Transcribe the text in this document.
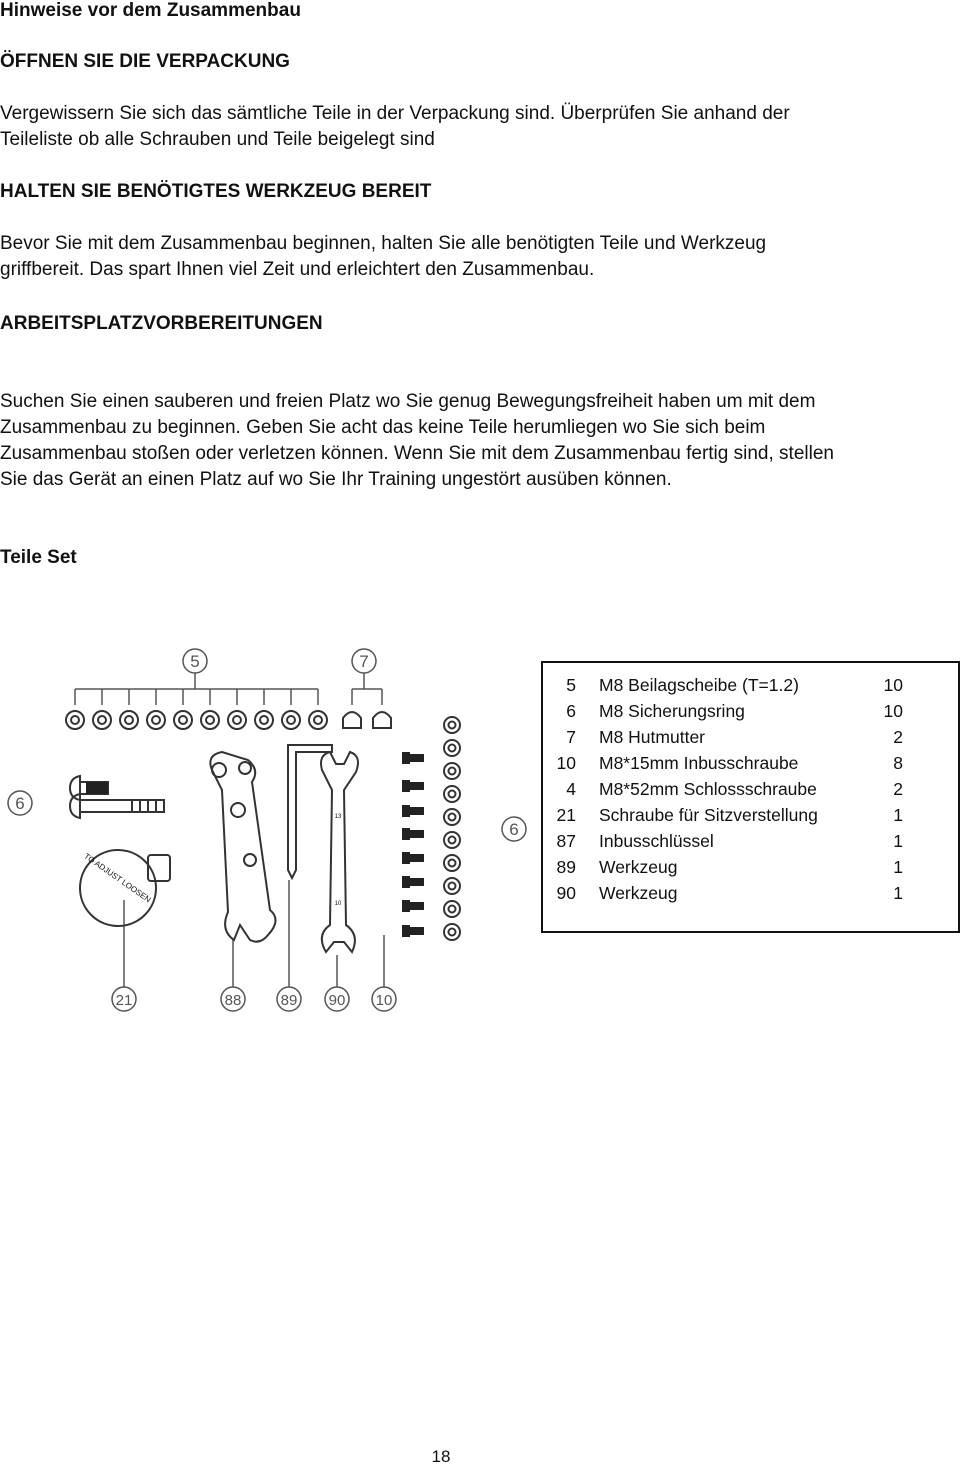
Hinweise vor dem Zusammenbau
ÖFFNEN SIE DIE VERPACKUNG
Vergewissern Sie sich das sämtliche Teile in der Verpackung sind. Überprüfen Sie anhand der
Teileliste ob alle Schrauben und Teile beigelegt sind
HALTEN SIE BENÖTIGTES WERKZEUG BEREIT
Bevor Sie mit dem Zusammenbau beginnen, halten Sie alle benötigten Teile und Werkzeug
griffbereit. Das spart Ihnen viel Zeit und erleichtert den Zusammenbau.
ARBEITSPLATZVORBEREITUNGEN
Suchen Sie einen sauberen und freien Platz wo Sie genug Bewegungsfreiheit haben um mit dem
Zusammenbau zu beginnen. Geben Sie acht das keine Teile herumliegen wo Sie sich beim
Zusammenbau stoßen oder verletzen können. Wenn Sie mit dem Zusammenbau fertig sind, stellen
Sie das Gerät an einen Platz auf wo Sie Ihr Training ungestört ausüben können.
Teile Set
5	7
6
6
21	88	89 90 10
TO ADJUST LOOSEN
13
10
5 M8 Beilagscheibe (T=1.2)	10
6 M8 Sicherungsring	10
7 M8 Hutmutter	2
10 M8*15mm Inbusschraube	8
4 M8*52mm Schlossschraube	2
21 Schraube für Sitzverstellung	1
87 Inbusschlüssel	1
89 Werkzeug	1
90 Werkzeug	1
18
